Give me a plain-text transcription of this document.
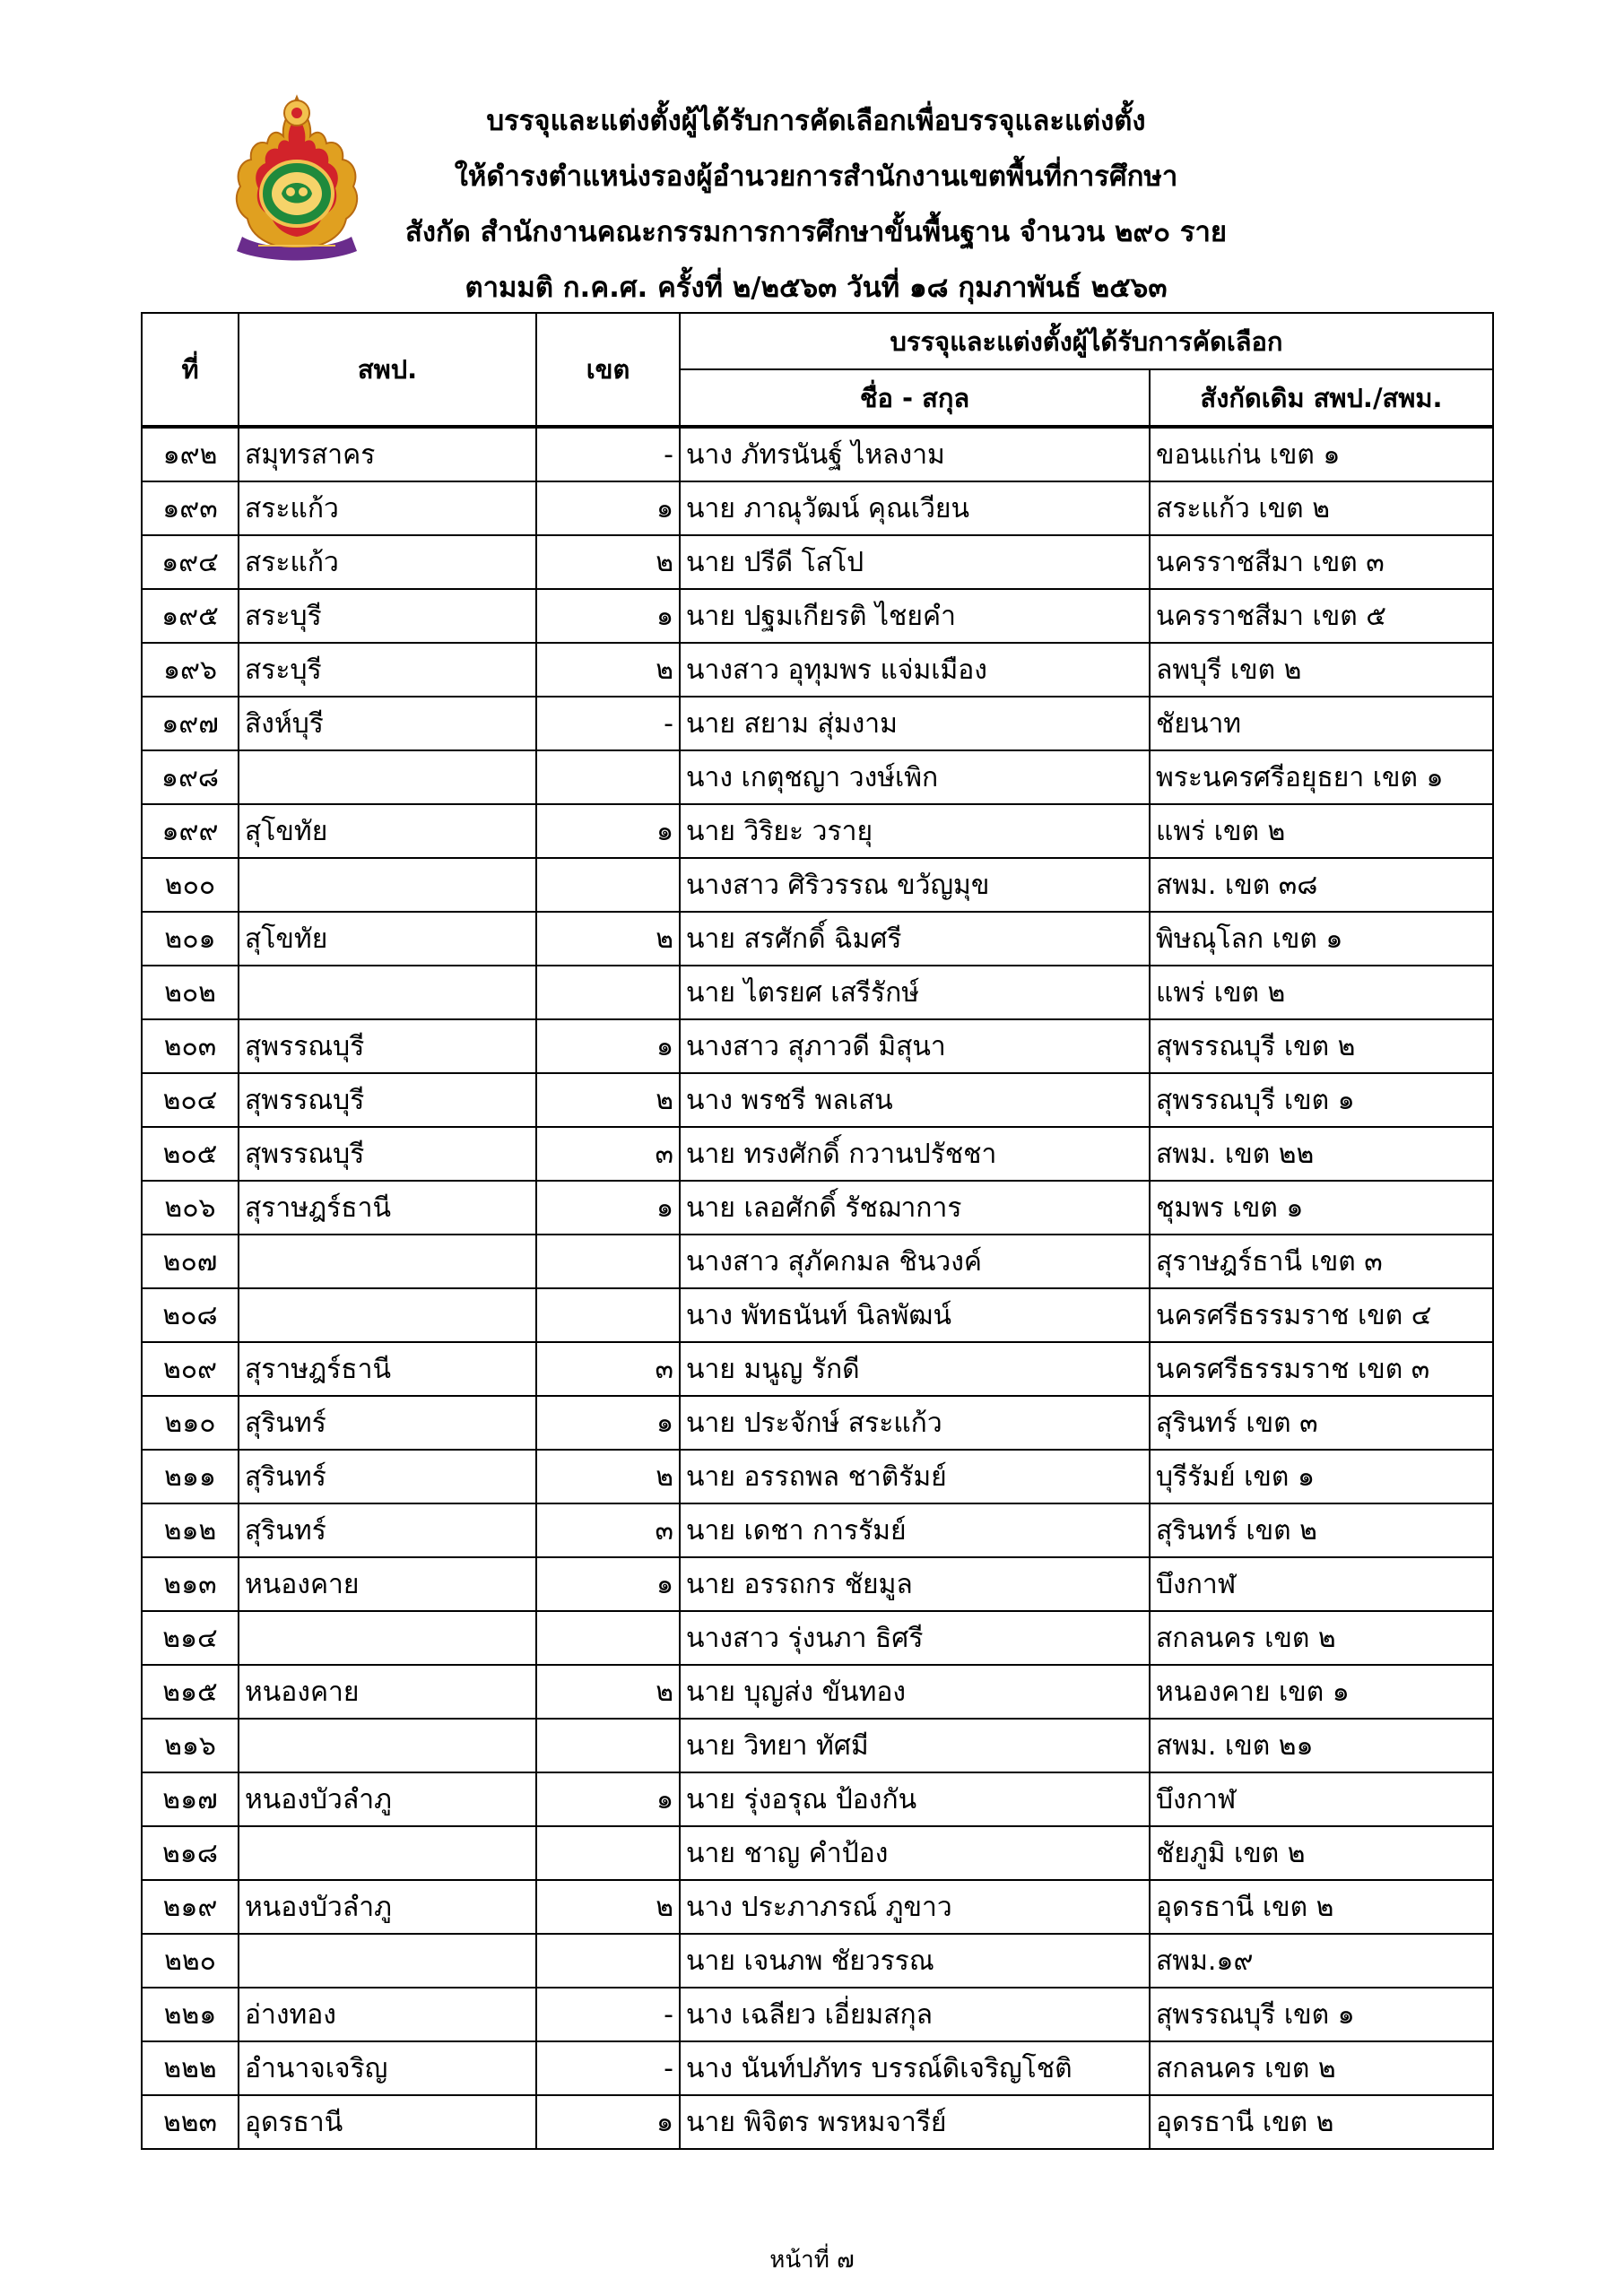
บรรจุและแต่งตั้งผู้ได้รับการคัดเลือกเพื่อบรรจุและแต่งตั้ง
ให้ดำรงตำแหน่งรองผู้อำนวยการสำนักงานเขตพื้นที่การศึกษา
สังกัด สำนักงานคณะกรรมการการศึกษาขั้นพื้นฐาน จำนวน ๒๙๐ ราย
ตามมติ ก.ค.ศ. ครั้งที่ ๒/๒๕๖๓ วันที่ ๑๘ กุมภาพันธ์ ๒๕๖๓
ที่	สพป.	เขต	บรรจุและแต่งตั้งผู้ได้รับการคัดเลือก	
			ชื่อ - สกุล	สังกัดเดิม สพป./สพม.
๑๙๒	สมุทรสาคร	-	นาง ภัทรนันฐ์ ไหลงาม	ขอนแก่น เขต ๑
๑๙๓	สระแก้ว	๑	นาย ภาณุวัฒน์ คุณเวียน	สระแก้ว เขต ๒
๑๙๔	สระแก้ว	๒	นาย ปรีดี โสโป	นครราชสีมา เขต ๓
๑๙๕	สระบุรี	๑	นาย ปฐมเกียรติ ไชยคำ	นครราชสีมา เขต ๕
๑๙๖	สระบุรี	๒	นางสาว อุทุมพร แจ่มเมือง	ลพบุรี เขต ๒
๑๙๗	สิงห์บุรี	-	นาย สยาม สุ่มงาม	ชัยนาท
๑๙๘			นาง เกตุชญา วงษ์เพิก	พระนครศรีอยุธยา เขต ๑
๑๙๙	สุโขทัย	๑	นาย วิริยะ วรายุ	แพร่ เขต ๒
๒๐๐			นางสาว ศิริวรรณ ขวัญมุข	สพม. เขต ๓๘
๒๐๑	สุโขทัย	๒	นาย สรศักดิ์ ฉิมศรี	พิษณุโลก เขต ๑
๒๐๒			นาย ไตรยศ เสรีรักษ์	แพร่ เขต ๒
๒๐๓	สุพรรณบุรี	๑	นางสาว สุภาวดี มิสุนา	สุพรรณบุรี เขต ๒
๒๐๔	สุพรรณบุรี	๒	นาง พรชรี พลเสน	สุพรรณบุรี เขต ๑
๒๐๕	สุพรรณบุรี	๓	นาย ทรงศักดิ์ กวานปรัชชา	สพม. เขต ๒๒
๒๐๖	สุราษฎร์ธานี	๑	นาย เลอศักดิ์ รัชฌาการ	ชุมพร เขต ๑
๒๐๗			นางสาว สุภัคกมล ชินวงค์	สุราษฎร์ธานี เขต ๓
๒๐๘			นาง พัทธนันท์ นิลพัฒน์	นครศรีธรรมราช เขต ๔
๒๐๙	สุราษฎร์ธานี	๓	นาย มนูญ รักดี	นครศรีธรรมราช เขต ๓
๒๑๐	สุรินทร์	๑	นาย ประจักษ์ สระแก้ว	สุรินทร์ เขต ๓
๒๑๑	สุรินทร์	๒	นาย อรรถพล ชาติรัมย์	บุรีรัมย์ เขต ๑
๒๑๒	สุรินทร์	๓	นาย เดชา การรัมย์	สุรินทร์ เขต ๒
๒๑๓	หนองคาย	๑	นาย อรรถกร ชัยมูล	บึงกาฬ
๒๑๔			นางสาว รุ่งนภา ธิศรี	สกลนคร เขต ๒
๒๑๕	หนองคาย	๒	นาย บุญส่ง ขันทอง	หนองคาย เขต ๑
๒๑๖			นาย วิทยา ทัศมี	สพม. เขต ๒๑
๒๑๗	หนองบัวลำภู	๑	นาย รุ่งอรุณ ป้องกัน	บึงกาฬ
๒๑๘			นาย ชาญ คำป้อง	ชัยภูมิ เขต ๒
๒๑๙	หนองบัวลำภู	๒	นาง ประภาภรณ์ ภูขาว	อุดรธานี เขต ๒
๒๒๐			นาย เจนภพ ชัยวรรณ	สพม.๑๙
๒๒๑	อ่างทอง	-	นาง เฉลียว เอี่ยมสกุล	สุพรรณบุรี เขต ๑
๒๒๒	อำนาจเจริญ	-	นาง นันท์ปภัทร บรรณ์ดิเจริญโชติ	สกลนคร เขต ๒
๒๒๓	อุดรธานี	๑	นาย พิจิตร พรหมจารีย์	อุดรธานี เขต ๒
หน้าที่ ๗
